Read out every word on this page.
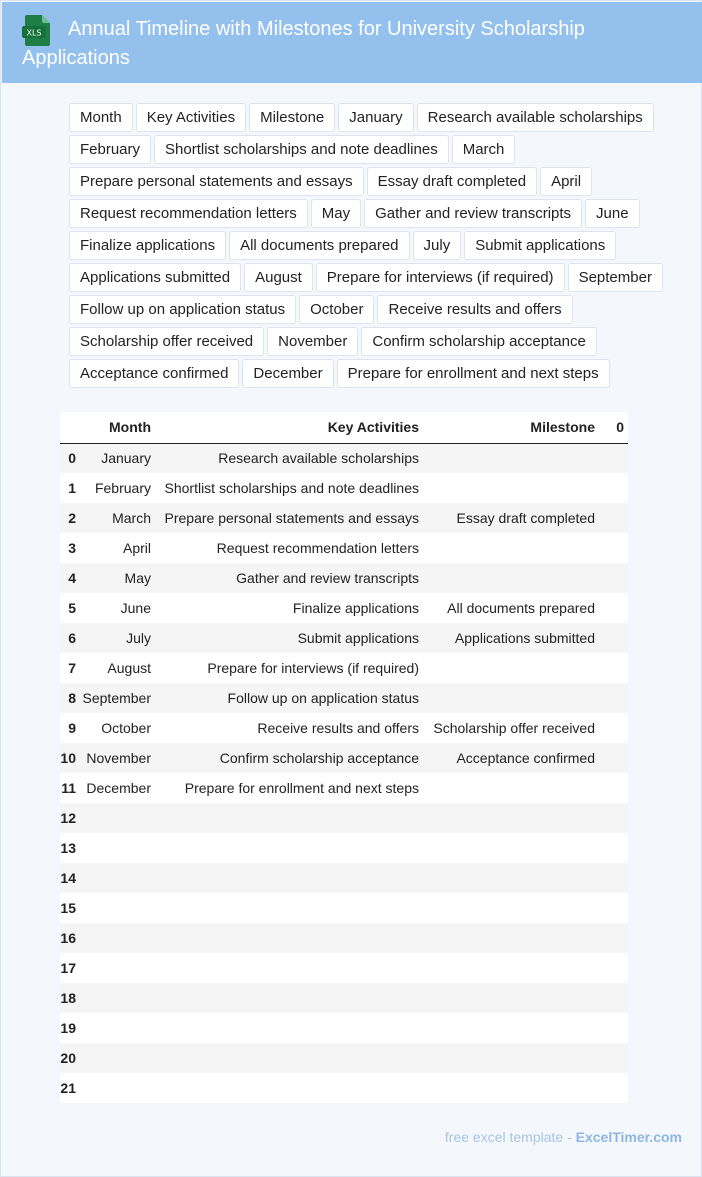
XLS	Annual Timeline with Milestones for University Scholarship Applications
Month	Key Activities	Milestone	January	Research available scholarships
February	Shortlist scholarships and note deadlines	March
Prepare personal statements and essays	Essay draft completed	April
Request recommendation letters	May	Gather and review transcripts	June
Finalize applications	All documents prepared	July	Submit applications
Applications submitted	August	Prepare for interviews (if required)	September
Follow up on application status	October	Receive results and offers
Scholarship offer received	November	Confirm scholarship acceptance
Acceptance confirmed	December	Prepare for enrollment and next steps
	Month	Key Activities	Milestone	0
0	January	Research available scholarships		
1	February	Shortlist scholarships and note deadlines		
2	March	Prepare personal statements and essays	Essay draft completed	
3	April	Request recommendation letters		
4	May	Gather and review transcripts		
5	June	Finalize applications	All documents prepared	
6	July	Submit applications	Applications submitted	
7	August	Prepare for interviews (if required)		
8	September	Follow up on application status		
9	October	Receive results and offers	Scholarship offer received	
10	November	Confirm scholarship acceptance	Acceptance confirmed	
11	December	Prepare for enrollment and next steps		
12				
13				
14				
15				
16				
17				
18				
19				
20				
21				
free excel template - ExcelTimer.com
